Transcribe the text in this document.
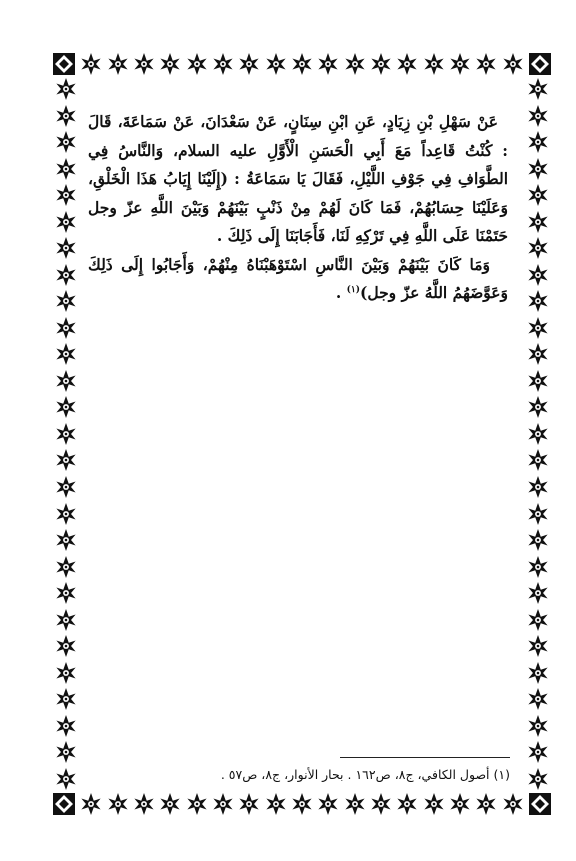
عَنْ سَهْلِ بْنِ زِيَادٍ، عَنِ ابْنِ سِنَانٍ، عَنْ سَعْدَانَ، عَنْ سَمَاعَةَ، قَالَ : كُنْتُ قَاعِداً مَعَ أَبِي الْحَسَنِ الْأَوَّلِ عليه السلام، وَالنَّاسُ فِي الطَّوَافِ فِي جَوْفِ اللَّيْلِ، فَقَالَ يَا سَمَاعَةُ : (إِلَيْنَا إِيَابُ هَذَا الْخَلْقِ، وَعَلَيْنَا حِسَابُهُمْ، فَمَا كَانَ لَهُمْ مِنْ ذَنْبٍ بَيْنَهُمْ وَبَيْنَ اللَّهِ عزّ وجل حَتَمْنَا عَلَى اللَّهِ فِي تَرْكِهِ لَنَا، فَأَجَابَنَا إِلَى ذَلِكَ .

وَمَا كَانَ بَيْنَهُمْ وَبَيْنَ النَّاسِ اسْتَوْهَبْنَاهُ مِنْهُمْ، وَأَجَابُوا إِلَى ذَلِكَ وَعَوَّضَهُمُ اللَّهُ عزّ وجل)$^{(١)}$ .

(١) أصول الكافي، ج٨، ص١٦٢ . بحار الأنوار، ج٨، ص٥٧ .
